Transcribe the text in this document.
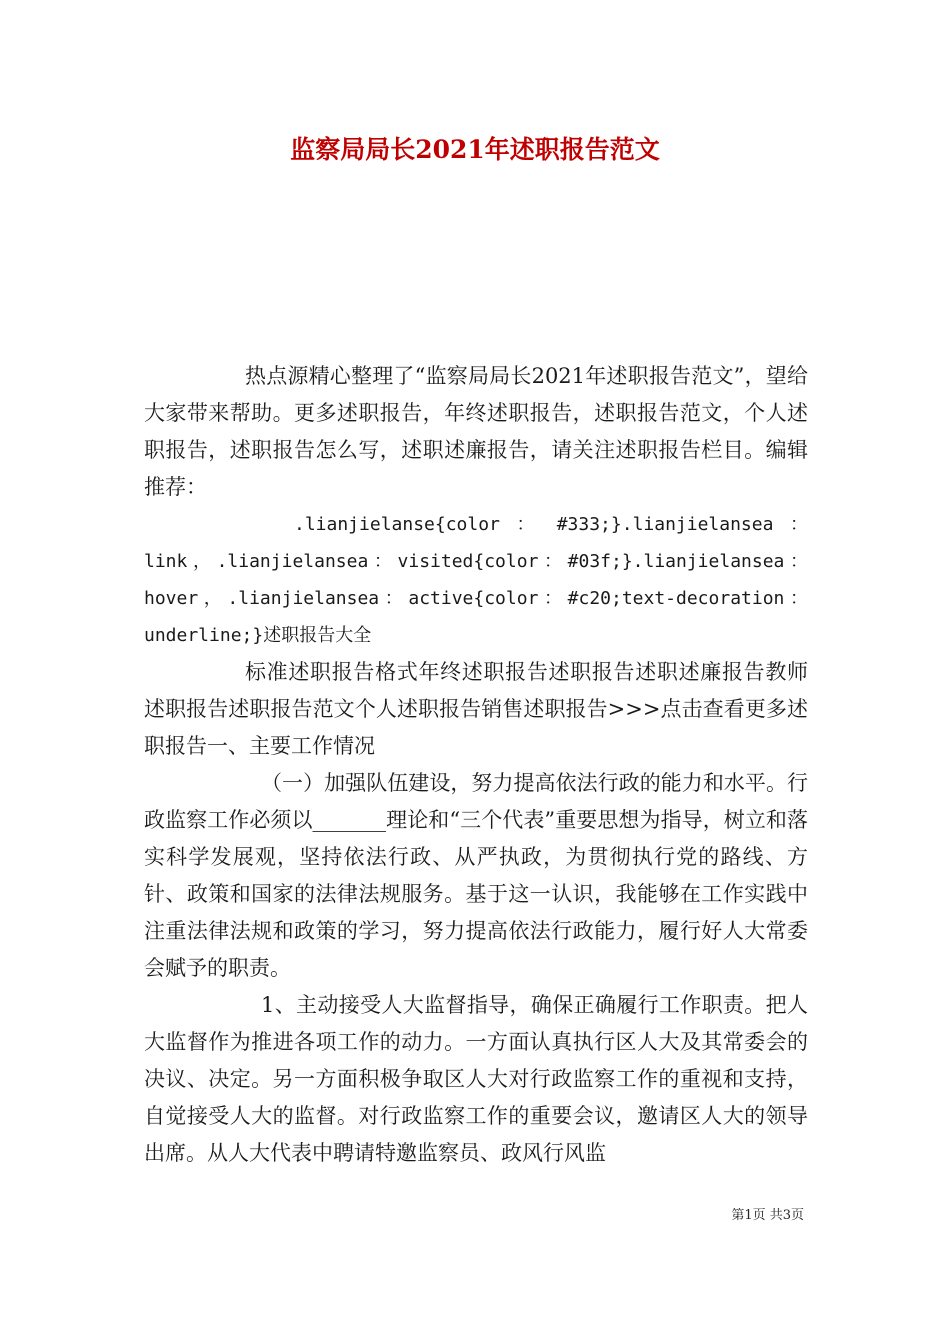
监察局局长2021年述职报告范文

热点源精心整理了“监察局局长2021年述职报告范文”，望给大家带来帮助。更多述职报告，年终述职报告，述职报告范文，个人述职报告，述职报告怎么写，述职述廉报告，请关注述职报告栏目。编辑推荐：

.lianjielanse{color ： #333;}.lianjielansea ：link，.lianjielansea：visited{color：#03f;}.lianjielansea：hover，.lianjielansea：active{color：#c20;text-decoration：underline;}述职报告大全

标准述职报告格式年终述职报告述职报告述职述廉报告教师述职报告述职报告范文个人述职报告销售述职报告>>>点击查看更多述职报告一、主要工作情况

（一）加强队伍建设，努力提高依法行政的能力和水平。行政监察工作必须以_______理论和“三个代表”重要思想为指导，树立和落实科学发展观，坚持依法行政、从严执政，为贯彻执行党的路线、方针、政策和国家的法律法规服务。基于这一认识，我能够在工作实践中注重法律法规和政策的学习，努力提高依法行政能力，履行好人大常委会赋予的职责。

1、主动接受人大监督指导，确保正确履行工作职责。把人大监督作为推进各项工作的动力。一方面认真执行区人大及其常委会的决议、决定。另一方面积极争取区人大对行政监察工作的重视和支持，自觉接受人大的监督。对行政监察工作的重要会议，邀请区人大的领导出席。从人大代表中聘请特邀监察员、政风行风监

第1页 共3页
